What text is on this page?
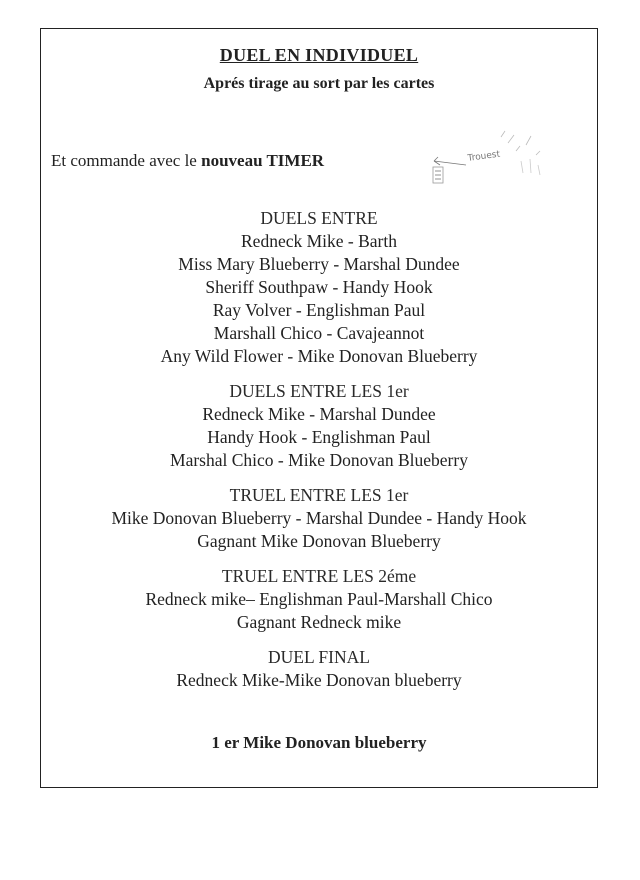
DUEL EN INDIVIDUEL
Aprés tirage au sort par les cartes
Et commande avec le nouveau TIMER	Trouest
DUELS ENTRE
Redneck Mike - Barth
Miss Mary Blueberry - Marshal Dundee
Sheriff Southpaw - Handy Hook
Ray Volver - Englishman Paul
Marshall Chico - Cavajeannot
Any Wild Flower - Mike Donovan Blueberry
DUELS ENTRE LES 1er
Redneck Mike - Marshal Dundee
Handy Hook - Englishman Paul
Marshal Chico - Mike Donovan Blueberry
TRUEL ENTRE LES 1er
Mike Donovan Blueberry - Marshal Dundee - Handy Hook
Gagnant Mike Donovan Blueberry
TRUEL ENTRE LES 2éme
Redneck mike– Englishman Paul-Marshall Chico
Gagnant Redneck mike
DUEL FINAL
Redneck Mike-Mike Donovan blueberry
1 er Mike Donovan blueberry
